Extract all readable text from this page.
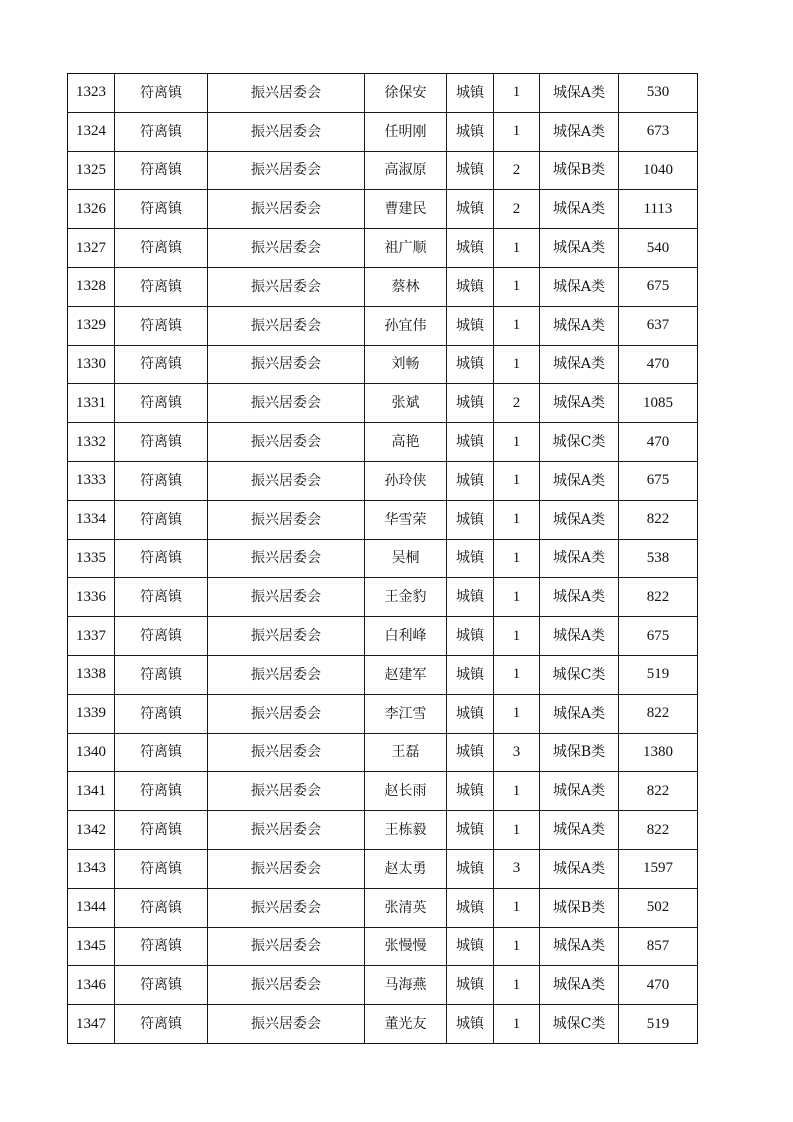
1323	符离镇	振兴居委会	徐保安	城镇	1	城保A类	530
1324	符离镇	振兴居委会	任明刚	城镇	1	城保A类	673
1325	符离镇	振兴居委会	高淑原	城镇	2	城保B类	1040
1326	符离镇	振兴居委会	曹建民	城镇	2	城保A类	1113
1327	符离镇	振兴居委会	祖广顺	城镇	1	城保A类	540
1328	符离镇	振兴居委会	蔡林	城镇	1	城保A类	675
1329	符离镇	振兴居委会	孙宜伟	城镇	1	城保A类	637
1330	符离镇	振兴居委会	刘畅	城镇	1	城保A类	470
1331	符离镇	振兴居委会	张斌	城镇	2	城保A类	1085
1332	符离镇	振兴居委会	高艳	城镇	1	城保C类	470
1333	符离镇	振兴居委会	孙玲侠	城镇	1	城保A类	675
1334	符离镇	振兴居委会	华雪荣	城镇	1	城保A类	822
1335	符离镇	振兴居委会	吴桐	城镇	1	城保A类	538
1336	符离镇	振兴居委会	王金豹	城镇	1	城保A类	822
1337	符离镇	振兴居委会	白利峰	城镇	1	城保A类	675
1338	符离镇	振兴居委会	赵建军	城镇	1	城保C类	519
1339	符离镇	振兴居委会	李江雪	城镇	1	城保A类	822
1340	符离镇	振兴居委会	王磊	城镇	3	城保B类	1380
1341	符离镇	振兴居委会	赵长雨	城镇	1	城保A类	822
1342	符离镇	振兴居委会	王栋毅	城镇	1	城保A类	822
1343	符离镇	振兴居委会	赵太勇	城镇	3	城保A类	1597
1344	符离镇	振兴居委会	张清英	城镇	1	城保B类	502
1345	符离镇	振兴居委会	张慢慢	城镇	1	城保A类	857
1346	符离镇	振兴居委会	马海燕	城镇	1	城保A类	470
1347	符离镇	振兴居委会	董光友	城镇	1	城保C类	519
